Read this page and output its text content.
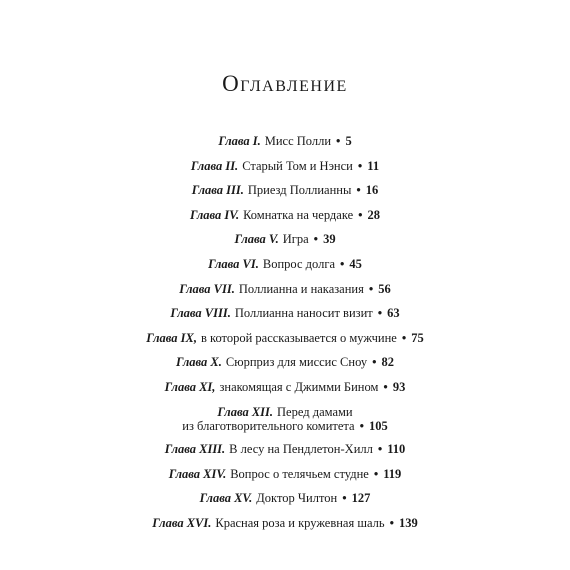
Оглавление
Глава I. Мисс Полли • 5
Глава II. Старый Том и Нэнси • 11
Глава III. Приезд Поллианны • 16
Глава IV. Комнатка на чердаке • 28
Глава V. Игра • 39
Глава VI. Вопрос долга • 45
Глава VII. Поллианна и наказания • 56
Глава VIII. Поллианна наносит визит • 63
Глава IX, в которой рассказывается о мужчине • 75
Глава X. Сюрприз для миссис Сноу • 82
Глава XI, знакомящая с Джимми Бином • 93
Глава XII. Перед дамами
из благотворительного комитета • 105
Глава XIII. В лесу на Пендлетон-Хилл • 110
Глава XIV. Вопрос о телячьем студне • 119
Глава XV. Доктор Чилтон • 127
Глава XVI. Красная роза и кружевная шаль • 139
